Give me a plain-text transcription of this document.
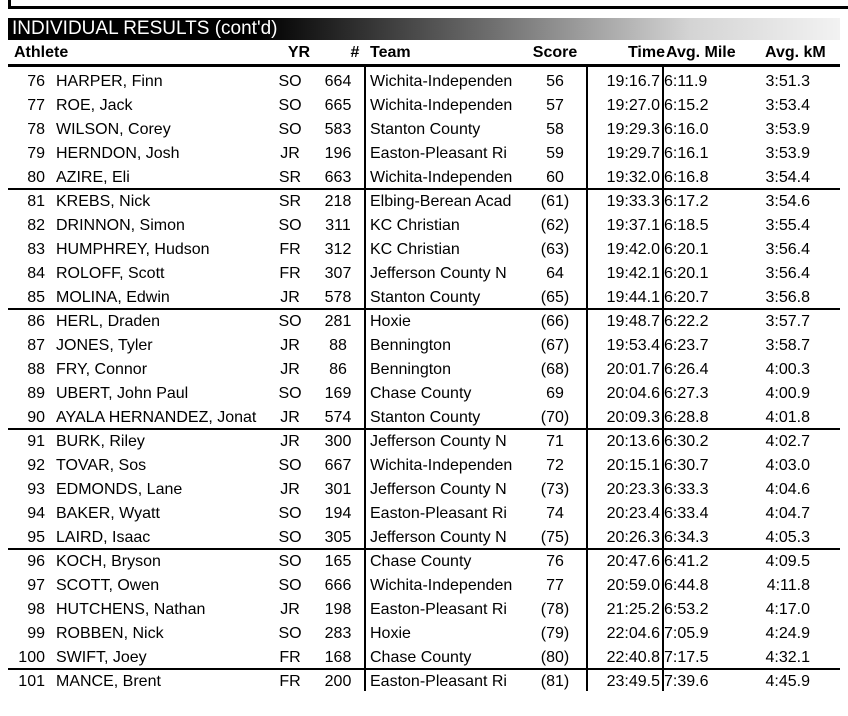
INDIVIDUAL RESULTS (cont'd)
Athlete	YR	# Team	Score	Time Avg. Mile Avg. kM
76 HARPER, Finn	SO	664	Wichita-Independen	56	19:16.7 6:11.9	3:51.3
77 ROE, Jack	SO	665	Wichita-Independen	57	19:27.0 6:15.2	3:53.4
78 WILSON, Corey	SO	583	Stanton County	58	19:29.3 6:16.0	3:53.9
79 HERNDON, Josh	JR	196	Easton-Pleasant Ri	59	19:29.7 6:16.1	3:53.9
80 AZIRE, Eli	SR	663	Wichita-Independen	60	19:32.0 6:16.8	3:54.4
81 KREBS, Nick	SR	218	Elbing-Berean Acad	(61)	19:33.3 6:17.2	3:54.6
82 DRINNON, Simon	SO	311	KC Christian	(62)	19:37.1 6:18.5	3:55.4
83 HUMPHREY, Hudson	FR	312	KC Christian	(63)	19:42.0 6:20.1	3:56.4
84 ROLOFF, Scott	FR	307	Jefferson County N	64	19:42.1 6:20.1	3:56.4
85 MOLINA, Edwin	JR	578	Stanton County	(65)	19:44.1 6:20.7	3:56.8
86 HERL, Draden	SO	281	Hoxie	(66)	19:48.7 6:22.2	3:57.7
87 JONES, Tyler	JR	88	Bennington	(67)	19:53.4 6:23.7	3:58.7
88 FRY, Connor	JR	86	Bennington	(68)	20:01.7 6:26.4	4:00.3
89 UBERT, John Paul	SO	169	Chase County	69	20:04.6 6:27.3	4:00.9
90 AYALA HERNANDEZ, Jonat	JR	574	Stanton County	(70)	20:09.3 6:28.8	4:01.8
91 BURK, Riley	JR	300	Jefferson County N	71	20:13.6 6:30.2	4:02.7
92 TOVAR, Sos	SO	667	Wichita-Independen	72	20:15.1 6:30.7	4:03.0
93 EDMONDS, Lane	JR	301	Jefferson County N	(73)	20:23.3 6:33.3	4:04.6
94 BAKER, Wyatt	SO	194	Easton-Pleasant Ri	74	20:23.4 6:33.4	4:04.7
95 LAIRD, Isaac	SO	305	Jefferson County N	(75)	20:26.3 6:34.3	4:05.3
96 KOCH, Bryson	SO	165	Chase County	76	20:47.6 6:41.2	4:09.5
97 SCOTT, Owen	SO	666	Wichita-Independen	77	20:59.0 6:44.8	4:11.8
98 HUTCHENS, Nathan	JR	198	Easton-Pleasant Ri	(78)	21:25.2 6:53.2	4:17.0
99 ROBBEN, Nick	SO	283	Hoxie	(79)	22:04.6 7:05.9	4:24.9
100 SWIFT, Joey	FR	168	Chase County	(80)	22:40.8 7:17.5	4:32.1
101 MANCE, Brent	FR	200	Easton-Pleasant Ri	(81)	23:49.5 7:39.6	4:45.9
